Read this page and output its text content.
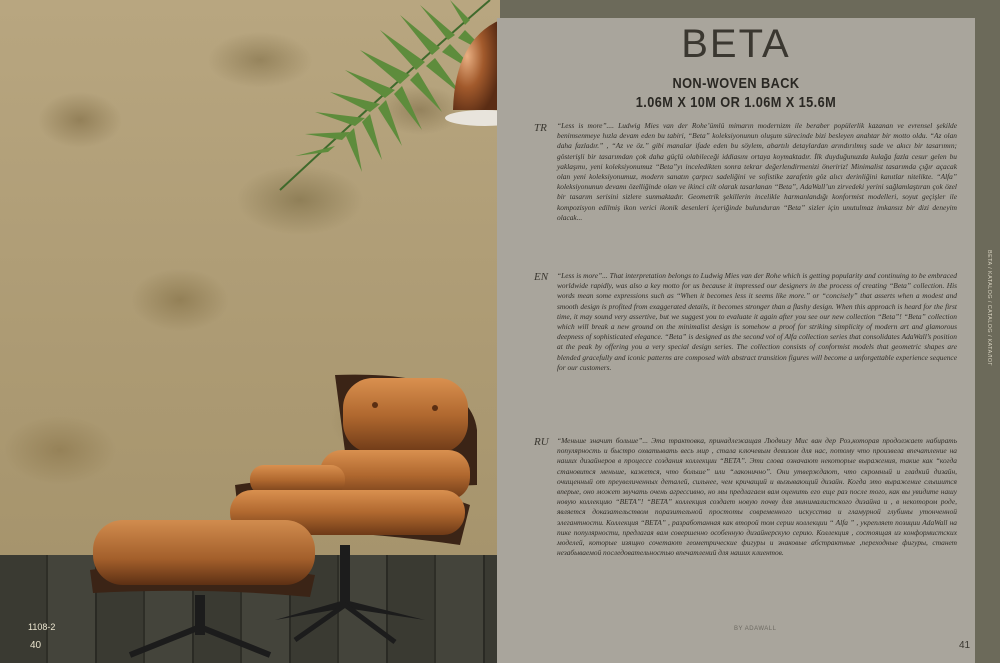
1108-2
40
BETA
NON-WOVEN BACK
1.06M X 10M OR 1.06M X 15.6M
TR “Less is more”.... Ludwig Mies van der Rohe’ümlü mimarın modernizm ile beraber popülerlik kazanan ve evrensel şekilde benimsenmeye hızla devam eden bu tabiri, “Beta” koleksiyonunun oluşum sürecinde bizi besleyen anahtar bir motto oldu. “Az olan daha fazladır.” , “Az ve öz.” gibi manalar ifade eden bu söylem, abartılı detaylardan arındırılmış sade ve akıcı bir tasarımın; gösterişli bir tasarımdan çok daha güçlü olabileceği iddiasını ortaya koymaktadır. İlk duyduğunuzda kulağa fazla cesur gelen bu yaklaşımı, yeni koleksiyonumuz “Beta”yı inceledikten sonra tekrar değerlendirmenizi öneririz! Minimalist tasarımda çığır açacak olan yeni koleksiyonumuz, modern sanatın çarpıcı sadeliğini ve sofistike zarafetin göz alıcı derinliğini kanıtlar nitelikte. “Alfa” koleksiyonunun devamı özelliğinde olan ve ikinci cilt olarak tasarlanan “Beta”, AdaWall’un zirvedeki yerini sağlamlaştıran çok özel bir tasarım serisini sizlere sunmaktadır. Geometrik şekillerin incelikle harmanlandığı konformist modelleri, soyut geçişler ile kompozisyon edilmiş ikon verici ikonik desenleri içeriğinde bulunduran “Beta” sizler için unutulmaz imkansız bir dizi deneyim olacak...
EN “Less is more”... That interpretation belongs to Ludwig Mies van der Rohe which is getting popularity and continuing to be embraced worldwide rapidly, was also a key motto for us because it impressed our designers in the process of creating “Beta” collection. His words mean some expressions such as “When it becomes less it seems like more.” or “concisely” that asserts when a modest and smooth design is profited from exaggerated details, it becomes stronger than a flashy design. When this approach is heard for the first time, it may sound very assertive, but we suggest you to evaluate it again after you see our new collection “Beta”! “Beta” collection which will break a new ground on the minimalist design is somehow a proof for striking simplicity of modern art and glamorous deepness of sophisticated elegance. “Beta” is designed as the second vol of Alfa collection series that consolidates AdaWall’s position at the peak by offering you a very special design series. The collection consists of conformist models that geometric shapes are blended gracefully and iconic patterns are composed with abstract transition figures will become a unforgettable experience sequence for our customers.
RU “Меньше значит больше”... Эта трактовка, принадлежащая Людвигу Мис ван дер Роэ,которая продолжает набирать популярность и быстро охватывать весь мир , стала ключевым девизом для нас, потому что произвела впечатление на наших дизайнеров в процессе создания коллекции “BETA”. Эти слова означают некоторые выражения, такие как “когда становится меньше, кажется, что больше” или “лаконично”. Они утверждают, что скромный и гладкий дизайн, очищенный от преувеличенных деталей, сильнее, чем кричащий и вызывающий дизайн. Когда это выражение слышится вперые, оно может звучать очень агрессивно, но мы предлагаем вам оценить его еще раз после того, как вы увидите нашу новую коллекцию “BETA”! “BETA” коллекция создает новую почву для минималистского дизайна и , в некотором роде, является доказательством поразительной простоты современного искусства и гламурной глубины утонченной элегантности. Коллекция “BETA” , разработанная как второй том серии коллекции “ Alfa ” , укрепляет позиции AdaWall на пике популярности, предлагая вам совершенно особенную дизайнерскую серию. Коллекция , состоящая из конформистских моделей, которые изящно сочетают геометрические фигуры и знаковые абстрактные ,переходные фигуры, станет незабываемой последовательностью впечатлений для наших клиентов.
BY ADAWALL
41
BETA / KATALOG / CATALOG / КАТАЛОГ
